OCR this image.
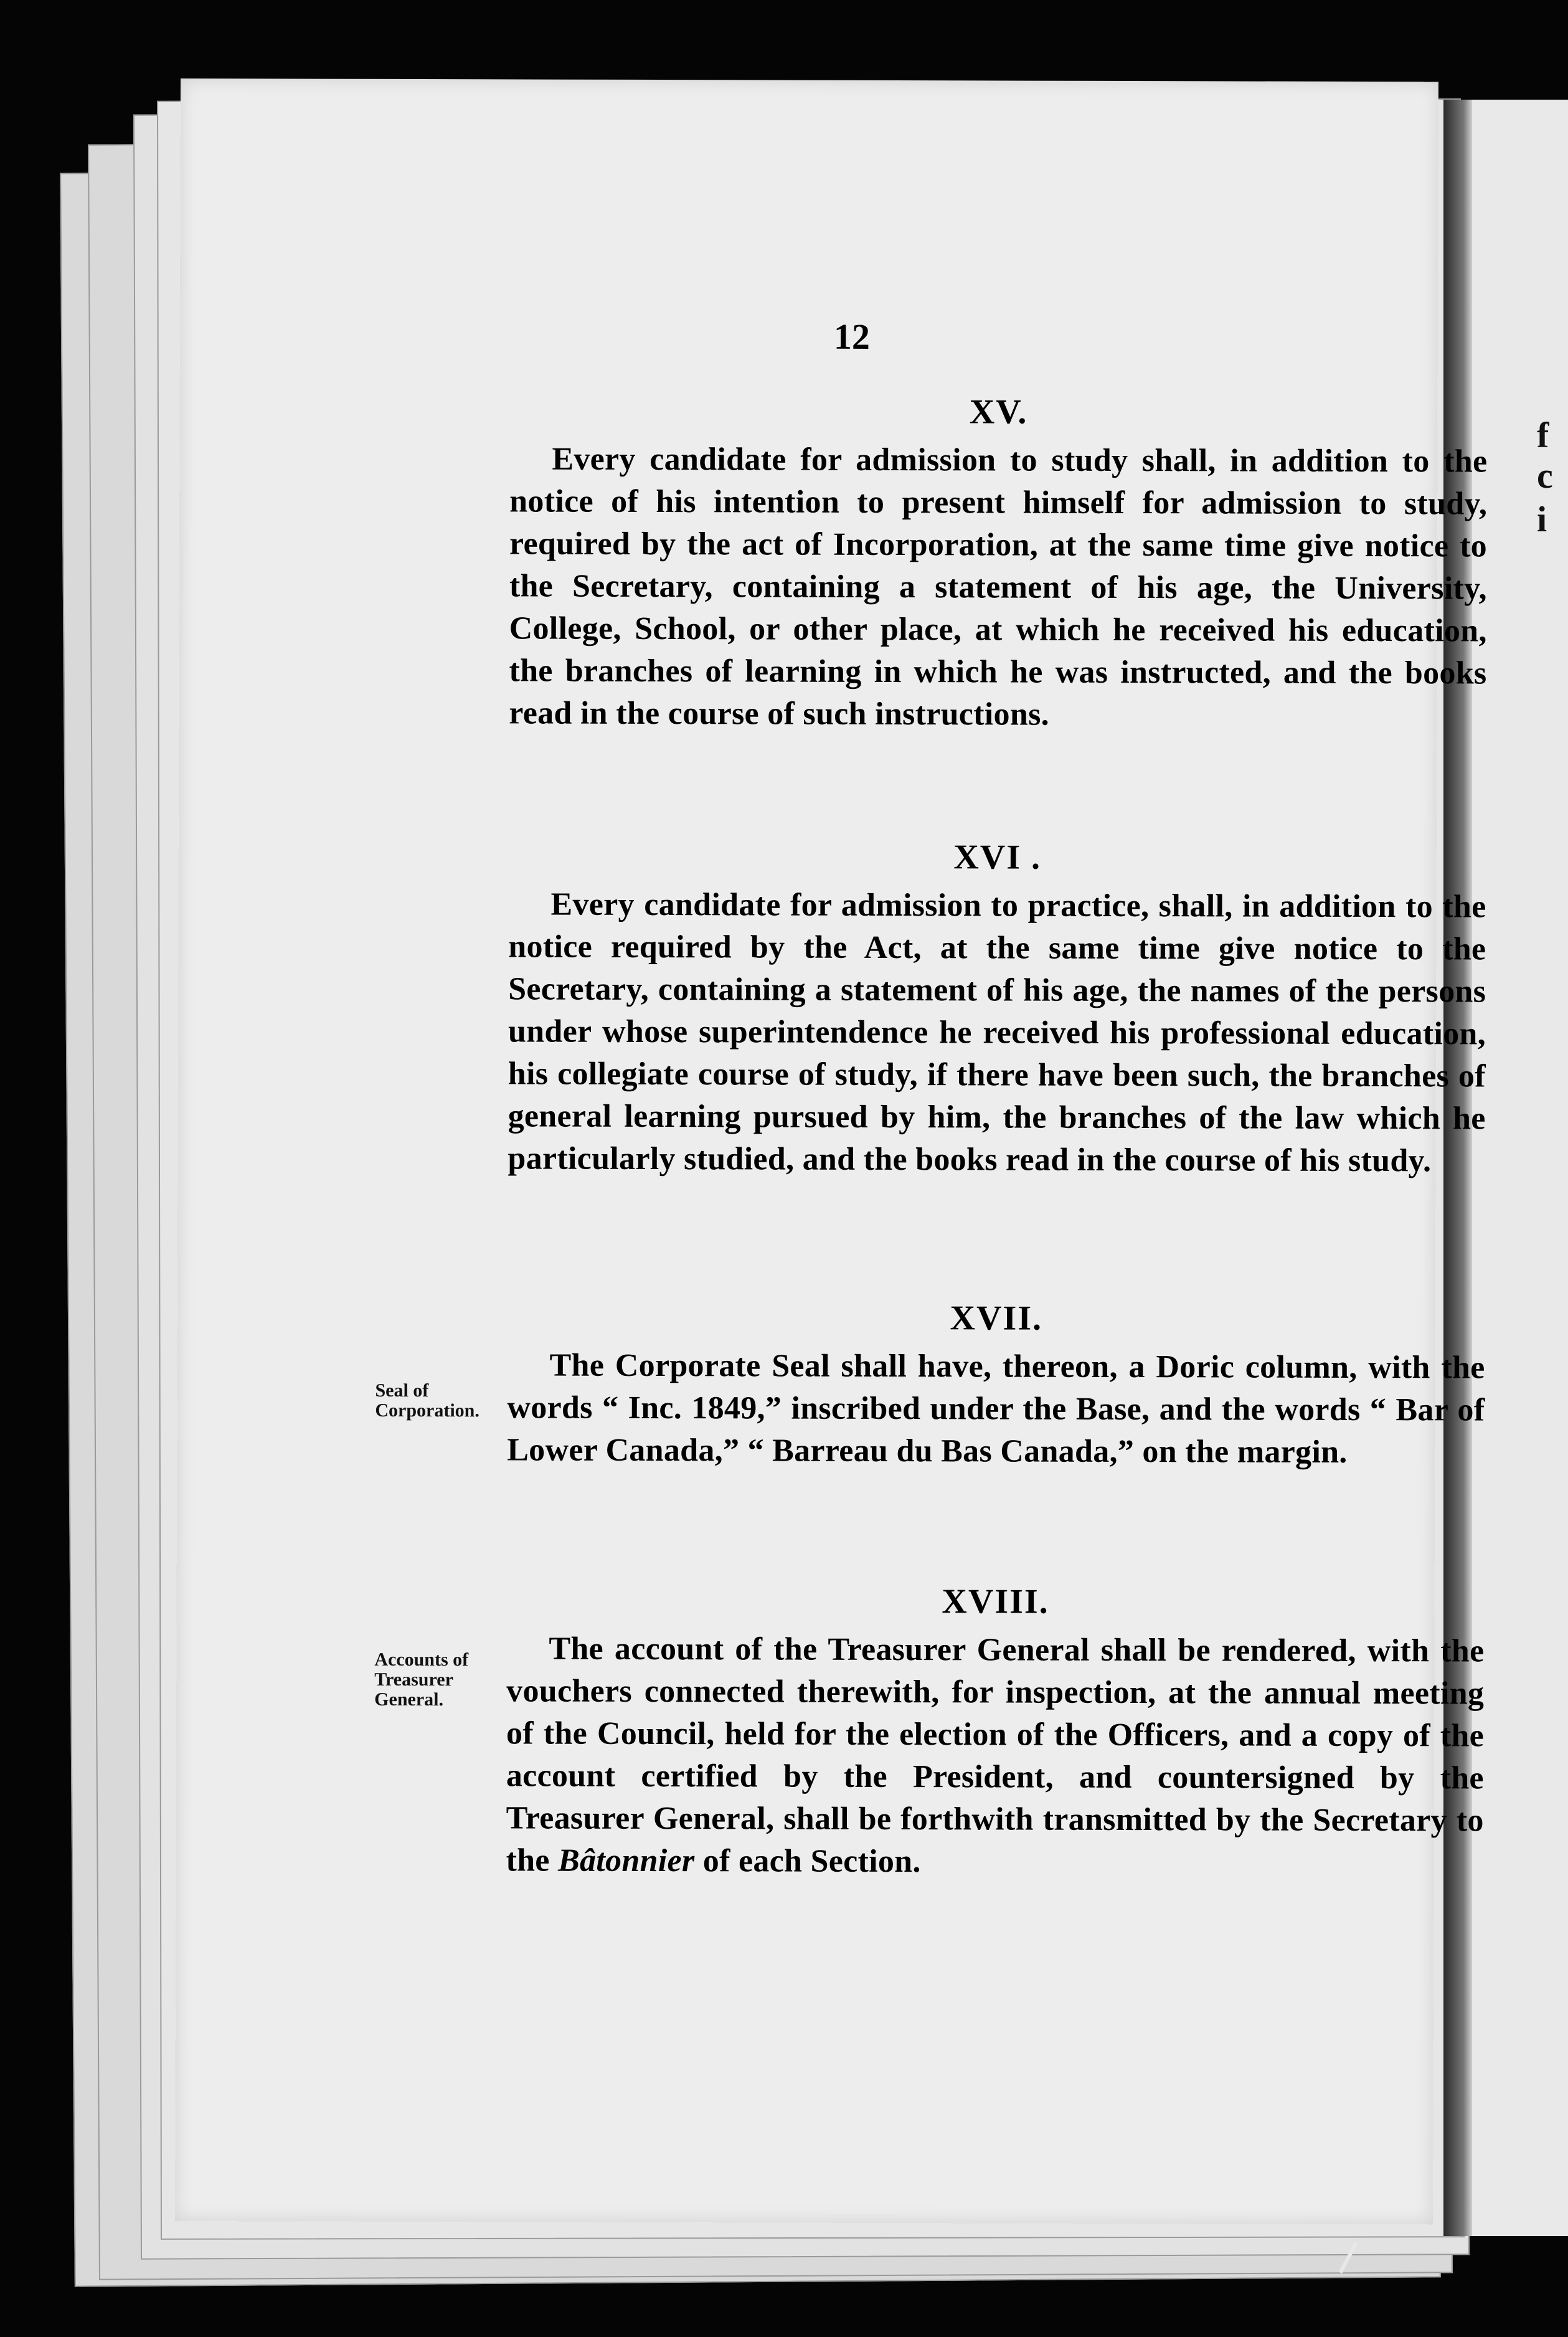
f
c
i
12
XV.

Every candidate for admission to study shall, in addition to the notice of his intention to present himself for admission to study, required by the act of Incorporation, at the same time give notice to the Secretary, containing a statement of his age, the University, College, School, or other place, at which he received his education, the branches of learning in which he was instructed, and the books read in the course of such instructions.

XVI .

Every candidate for admission to practice, shall, in addition to the notice required by the Act, at the same time give notice to the Secretary, containing a statement of his age, the names of the persons under whose superintendence he received his professional education, his collegiate course of study, if there have been such, the branches of general learning pursued by him, the branches of the law which he particularly studied, and the books read in the course of his study.

Seal of Corporation.
XVII.

The Corporate Seal shall have, thereon, a Doric column, with the words “ Inc. 1849,” inscribed under the Base, and the words “ Bar of Lower Canada,” “ Barreau du Bas Canada,” on the margin.

Accounts of Treasurer General.
XVIII.

The account of the Treasurer General shall be rendered, with the vouchers connected therewith, for inspection, at the annual meeting of the Council, held for the election of the Officers, and a copy of the account certified by the President, and countersigned by the Treasurer General, shall be forthwith transmitted by the Secretary to the Bâtonnier of each Section.
